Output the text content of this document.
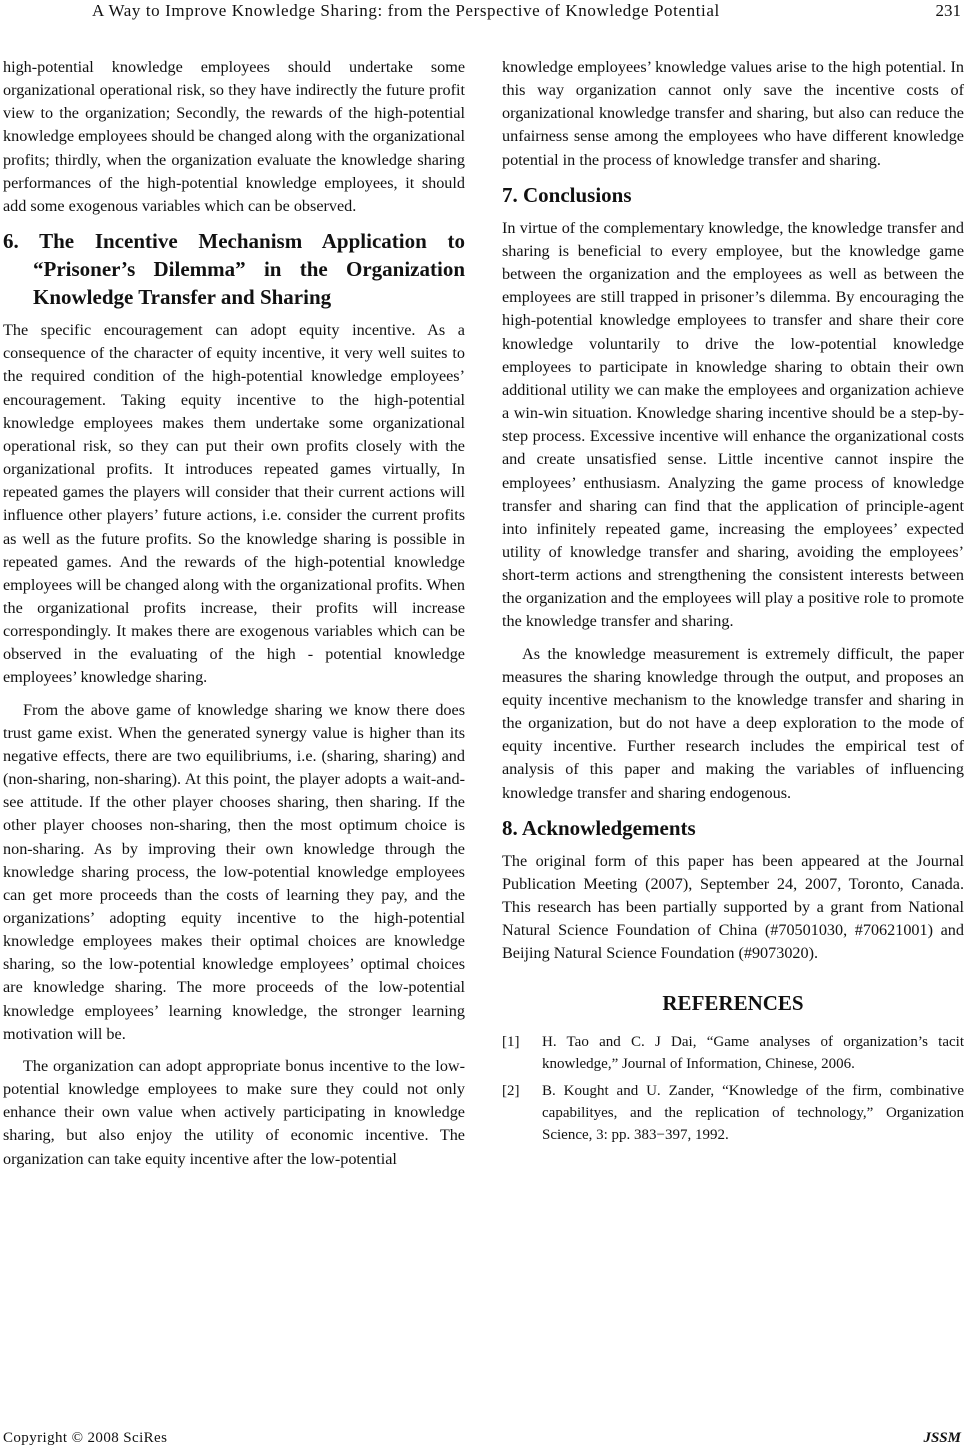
A Way to Improve Knowledge Sharing: from the Perspective of Knowledge Potential	231

high-potential knowledge employees should undertake some organizational operational risk, so they have indirectly the future profit view to the organization; Secondly, the rewards of the high-potential knowledge employees should be changed along with the organizational profits; thirdly, when the organization evaluate the knowledge sharing performances of the high-potential knowledge employees, it should add some exogenous variables which can be observed.

6. The Incentive Mechanism Application to “Prisoner’s Dilemma” in the Organization Knowledge Transfer and Sharing

The specific encouragement can adopt equity incentive. As a consequence of the character of equity incentive, it very well suites to the required condition of the high-potential knowledge employees’ encouragement. Taking equity incentive to the high-potential knowledge employees makes them undertake some organizational operational risk, so they can put their own profits closely with the organizational profits. It introduces repeated games virtually, In repeated games the players will consider that their current actions will influence other players’ future actions, i.e. consider the current profits as well as the future profits. So the knowledge sharing is possible in repeated games. And the rewards of the high-potential knowledge employees will be changed along with the organizational profits. When the organizational profits increase, their profits will increase correspondingly. It makes there are exogenous variables which can be observed in the evaluating of the high - potential knowledge employees’ knowledge sharing.

From the above game of knowledge sharing we know there does trust game exist. When the generated synergy value is higher than its negative effects, there are two equilibriums, i.e. (sharing, sharing) and (non-sharing, non-sharing). At this point, the player adopts a wait-and-see attitude. If the other player chooses sharing, then sharing. If the other player chooses non-sharing, then the most optimum choice is non-sharing. As by improving their own knowledge through the knowledge sharing process, the low-potential knowledge employees can get more proceeds than the costs of learning they pay, and the organizations’ adopting equity incentive to the high-potential knowledge employees makes their optimal choices are knowledge sharing, so the low-potential knowledge employees’ optimal choices are knowledge sharing. The more proceeds of the low-potential knowledge employees’ learning knowledge, the stronger learning motivation will be.

The organization can adopt appropriate bonus incentive to the low-potential knowledge employees to make sure they could not only enhance their own value when actively participating in knowledge sharing, but also enjoy the utility of economic incentive. The organization can take equity incentive after the low-potential

knowledge employees’ knowledge values arise to the high potential. In this way organization cannot only save the incentive costs of organizational knowledge transfer and sharing, but also can reduce the unfairness sense among the employees who have different knowledge potential in the process of knowledge transfer and sharing.

7. Conclusions

In virtue of the complementary knowledge, the knowledge transfer and sharing is beneficial to every employee, but the knowledge game between the organization and the employees as well as between the employees are still trapped in prisoner’s dilemma. By encouraging the high-potential knowledge employees to transfer and share their core knowledge voluntarily to drive the low-potential knowledge employees to participate in knowledge sharing to obtain their own additional utility we can make the employees and organization achieve a win-win situation. Knowledge sharing incentive should be a step-by-step process. Excessive incentive will enhance the organizational costs and create unsatisfied sense. Little incentive cannot inspire the employees’ enthusiasm. Analyzing the game process of knowledge transfer and sharing can find that the application of principle-agent into infinitely repeated game, increasing the employees’ expected utility of knowledge transfer and sharing, avoiding the employees’ short-term actions and strengthening the consistent interests between the organization and the employees will play a positive role to promote the knowledge transfer and sharing.

As the knowledge measurement is extremely difficult, the paper measures the sharing knowledge through the output, and proposes an equity incentive mechanism to the knowledge transfer and sharing in the organization, but do not have a deep exploration to the mode of equity incentive. Further research includes the empirical test of analysis of this paper and making the variables of influencing knowledge transfer and sharing endogenous.

8. Acknowledgements

The original form of this paper has been appeared at the Journal Publication Meeting (2007), September 24, 2007, Toronto, Canada. This research has been partially supported by a grant from National Natural Science Foundation of China (#70501030, #70621001) and Beijing Natural Science Foundation (#9073020).

REFERENCES
[1]	H. Tao and C. J Dai, “Game analyses of organization’s tacit knowledge,” Journal of Information, Chinese, 2006.
[2]	B. Kought and U. Zander, “Knowledge of the firm, combinative capabilityes, and the replication of technology,” Organization Science, 3: pp. 383−397, 1992.
Copyright © 2008 SciRes	JSSM
